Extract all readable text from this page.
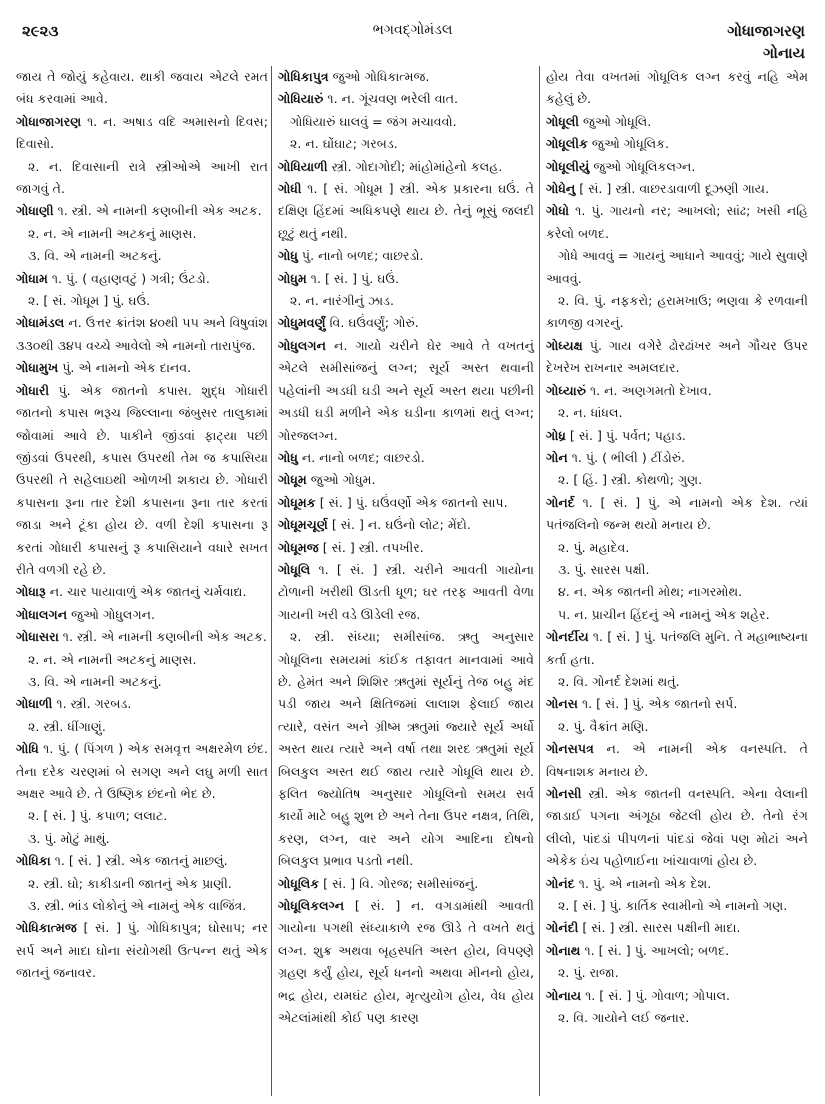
૨૯૨૩	ભગવદ્ગોમંડલ	ગોધાજાગરણ
ગોનાય

જાય તે જોયું કહેવાય. થાકી જવાય એટલે રમત બંધ કરવામાં આવે.

ગોધાજાગરણ ૧. ન. અષાડ વદિ અમાસનો દિવસ; દિવાસો.

૨. ન. દિવાસાની રાત્રે સ્ત્રીઓએ આખી રાત જાગવું તે.

ગોધાણી ૧. સ્ત્રી. એ નામની કણબીની એક અટક.

૨. ન. એ નામની અટકનું માણસ.

૩. વિ. એ નામની અટકનું.

ગોધામ ૧. પું. ( વહાણવટું ) ગત્રી; ઉંટડો.

૨. [ સં. ગોધૂમ ] પું. ઘઉં.

ગોધામંડલ ન. ઉત્તર ક્રાંતંશ ૪૦થી ૫૫ અને વિષુવાંશ ૩૩૦થી ૩૪૫ વચ્ચે આવેલો એ નામનો તારાપુંજ.

ગોધામુખ પું. એ નામનો એક દાનવ.

ગોધારી પું. એક જાતનો કપાસ. શુદ્ધ ગોધારી જાતનો કપાસ ભરૂચ જિલ્લાના જંબુસર તાલુકામાં જોવામાં આવે છે. પાકીને જીંડવાં ફાટ્યા પછી જીંડવાં ઉપરથી, કપાસ ઉપરથી તેમ જ કપાસિયા ઉપરથી તે સહેલાઇથી ઓળખી શકાય છે. ગોધારી કપાસના રૂના તાર દેશી કપાસના રૂના તાર કરતાં જાડા અને ટૂંકા હોય છે. વળી દેશી કપાસના રૂ કરતાં ગોધારી કપાસનું રૂ કપાસિયાને વધારે સખત રીતે વળગી રહે છે.

ગોધારૂ ન. ચાર પાયાવાળું એક જાતનું ચર્મવાદ્ય.

ગોધાલગન જુઓ ગોધુલગન.

ગોધાસરા ૧. સ્ત્રી. એ નામની કણબીની એક અટક.

૨. ન. એ નામની અટકનું માણસ.

૩. વિ. એ નામની અટકનું.

ગોધાળી ૧. સ્ત્રી. ગરબડ.

૨. સ્ત્રી. ધીંગાણું.

ગોધિ ૧. પું. ( પિંગળ ) એક સમવૃત્ત અક્ષરમેળ છંદ. તેના દરેક ચરણમાં બે સગણ અને લઘુ મળી સાત અક્ષર આવે છે. તે ઉષ્ણિક છંદનો ભેદ છે.

૨. [ સં. ] પું. કપાળ; લલાટ.

૩. પું. મોટું માથું.

ગોધિકા ૧. [ સં. ] સ્ત્રી. એક જાતનું માછલું.

૨. સ્ત્રી. ઘો; કાકીડાની જાતનું એક પ્રાણી.

૩. સ્ત્રી. ભાંડ લોકોનું એ નામનું એક વાજિંત્ર.

ગોધિકાત્મજ [ સં. ] પું. ગોધિકાપુત્ર; ઘોસાપ; નર સર્પ અને માદા ઘોના સંયોગથી ઉત્પન્ન થતું એક જાતનું જનાવર.

ગોધિકાપુત્ર જુઓ ગોધિકાત્મજ.

ગોધિયારું ૧. ન. ગૂંચવણ ભરેલી વાત.

ગોધિયારું ઘાલવું = જંગ મચાવવો.

૨. ન. ઘોંઘાટ; ગરબડ.

ગોધિયાળી સ્ત્રી. ગોદાગોદી; માંહોમાંહેનો કલહ.

ગોધી ૧. [ સં. ગોધૂમ ] સ્ત્રી. એક પ્રકારના ઘઉં. તે દક્ષિણ હિંદમાં અધિકપણે થાય છે. તેનું ભૂસું જલદી છૂટું થતું નથી.

ગોધુ પું. નાનો બળદ; વાછરડો.

ગોધુમ ૧. [ સં. ] પું. ઘઉં.

૨. ન. નારંગીનું ઝાડ.

ગોધુમવર્ણું વિ. ઘઉંવર્ણું; ગોરું.

ગોધુલગન ન. ગાયો ચરીને ઘેર આવે તે વખતનું એટલે સમીસાંજનું લગ્ન; સૂર્ય અસ્ત થવાની પહેલાંની અડધી ઘડી અને સૂર્ય અસ્ત થયા પછીની અડધી ઘડી મળીને એક ઘડીના કાળમાં થતું લગ્ન; ગોરજલગ્ન.

ગોધુ ન. નાનો બળદ; વાછરડો.

ગોધૂમ જુઓ ગોધુમ.

ગોધૂમક [ સં. ] પું. ઘઉંવર્ણો એક જાતનો સાપ.

ગોધૂમચૂર્ણ [ સં. ] ન. ઘઉંનો લોટ; મેંદો.

ગોધૂમજ [ સં. ] સ્ત્રી. તપખીર.

ગોધૂલિ ૧. [ સં. ] સ્ત્રી. ચરીને આવતી ગાયોના ટોળાની ખરીથી ઊડતી ધૂળ; ઘર તરફ આવતી વેળા ગાયની ખરી વડે ઊડેલી રજ.

૨. સ્ત્રી. સંધ્યા; સમીસાંજ. ઋતુ અનુસાર ગોધૂલિના સમયમાં કાંઈક તફાવત માનવામાં આવે છે. હેમંત અને શિશિર ઋતુમાં સૂર્યનું તેજ બહુ મંદ પડી જાય અને ક્ષિતિજમાં લાલાશ ફેલાઈ જાય ત્યારે, વસંત અને ગ્રીષ્મ ઋતુમાં જ્યારે સૂર્ય અર્ધો અસ્ત થાય ત્યારે અને વર્ષા તથા શરદ ઋતુમાં સૂર્ય બિલકુલ અસ્ત થઈ જાય ત્યારે ગોધૂલિ થાય છે. ફલિત જ્યોતિષ અનુસાર ગોધૂલિનો સમય સર્વ કાર્યો માટે બહુ શુભ છે અને તેના ઉપર નક્ષત્ર, તિથિ, કરણ, લગ્ન, વાર અને યોગ આદિના દોષનો બિલકુલ પ્રભાવ પડતો નથી.

ગોધૂલિક [ સં. ] વિ. ગોરજ; સમીસાંજનું.

ગોધૂલિકલગ્ન [ સં. ] ન. વગડામાંથી આવતી ગાયોના પગથી સંધ્યાકાળે રજ ઊડે તે વખતે થતું લગ્ન. શુક્ર અથવા બૃહસ્પતિ અસ્ત હોય, વિપણ્ણે ગ્રહણ કર્યું હોય, સૂર્ય ધનનો અથવા મીનનો હોય, ભદ્ર હોય, યમઘંટ હોય, મૃત્યુયોગ હોય, વેધ હોય એટલાંમાંથી કોઈ પણ કારણ

હોય તેવા વખતમાં ગોધૂલિક લગ્ન કરવું નહિ એમ કહેલું છે.

ગોધૂલી જુઓ ગોધૂલિ.

ગોધૂલીક જુઓ ગોધૂલિક.

ગોધૂલીયું જુઓ ગોધૂલિકલગ્ન.

ગોધેનુ [ સં. ] સ્ત્રી. વાછરડાવાળી દૂઝણી ગાય.

ગોધો ૧. પું. ગાયનો નર; આખલો; સાંઢ; ખસી નહિ કરેલો બળદ.

ગોધે આવવું = ગાયનું આધાને આવવું; ગાયે સુવાણે આવવું.

૨. વિ. પું. નફકરો; હરામખાઉ; ભણવા કે રળવાની કાળજી વગરનું.

ગોધ્યક્ષ પું. ગાય વગેરે ઢોરઢાંખર અને ગૌચર ઉપર દેખરેખ રાખનાર અમલદાર.

ગોધ્યારું ૧. ન. અણગમતો દેખાવ.

૨. ન. ધાંધલ.

ગોધ્ર [ સં. ] પું. પર્વત; પહાડ.

ગોન ૧. પું. ( ભીલી ) ટીંડોરું.

૨. [ હિં. ] સ્ત્રી. કોથળો; ગુણ.

ગોનર્દ ૧. [ સં. ] પું. એ નામનો એક દેશ. ત્યાં પતંજલિનો જન્મ થયો મનાય છે.

૨. પું. મહાદેવ.

૩. પું. સારસ પક્ષી.

૪. ન. એક જાતની મોથ; નાગરમોથ.

૫. ન. પ્રાચીન હિંદનું એ નામનું એક શહેર.

ગોનર્દીય ૧. [ સં. ] પું. પતંજલિ મુનિ. તે મહાભાષ્યના કર્તા હતા.

૨. વિ. ગોનર્દ દેશમાં થતું.

ગોનસ ૧. [ સં. ] પું. એક જાતનો સર્પ.

૨. પું. વૈક્રાંત મણિ.

ગોનસપત્ર ન. એ નામની એક વનસ્પતિ. તે વિષનાશક મનાય છે.

ગોનસી સ્ત્રી. એક જાતની વનસ્પતિ. એના વેલાની જાડાઈ પગના અંગૂઠા જેટલી હોય છે. તેનો રંગ લીલો, પાંદડાં પીપળનાં પાંદડાં જેવાં પણ મોટાં અને એકેક ઇંચ પહોળાઈના ખાંચાવાળાં હોય છે.

ગોનંદ ૧. પું. એ નામનો એક દેશ.

૨. [ સં. ] પું. કાર્તિક સ્વામીનો એ નામનો ગણ.

ગોનંદી [ સં. ] સ્ત્રી. સારસ પક્ષીની માદા.

ગોનાથ ૧. [ સં. ] પું. આખલો; બળદ.

૨. પું. રાજા.

ગોનાય ૧. [ સં. ] પું. ગોવાળ; ગોપાલ.

૨. વિ. ગાયોને લઈ જનાર.
